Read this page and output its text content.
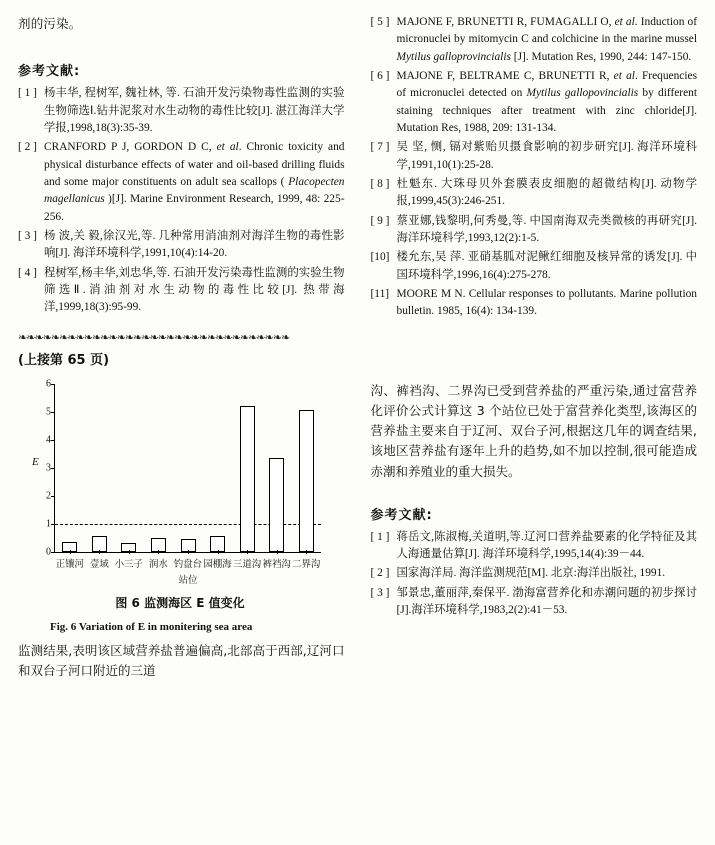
剂的污染。
参考文献:
[ 1 ] 杨丰华, 程树军, 魏社林, 等. 石油开发污染物毒性监测的实验生物筛选Ⅰ.钻井泥浆对水生动物的毒性比较[J]. 湛江海洋大学学报,1998,18(3):35-39.
[ 2 ] CRANFORD P J, GORDON D C, et al. Chronic toxicity and physical disturbance effects of water and oil-based drilling fluids and some major constituents on adult sea scallops ( Placopecten magellanicus )[J]. Marine Environment Research, 1999, 48: 225-256.
[ 3 ] 杨 波,关 毅,徐汉光,等. 几种常用消油剂对海洋生物的毒性影响[J]. 海洋环境科学,1991,10(4):14-20.
[ 4 ] 程树军,杨丰华,刘忠华,等. 石油开发污染毒性监测的实验生物筛选Ⅱ.消油剂对水生动物的毒性比较[J]. 热带海洋,1999,18(3):95-99.
❧❧❧❧❧❧❧❧❧❧❧❧❧❧❧❧❧❧❧❧❧❧❧❧❧❧❧❧❧❧❧❧❧
(上接第 65 页)
E
0
1
2
3
4
5
6
正镶河 壹域 小三子 润水 钓盘台 园棚海 三道沟 裤裆沟 二界沟
站位
图 6 监测海区 E 值变化
Fig. 6 Variation of E in monitering sea area
监测结果,表明该区域营养盐普遍偏高,北部高于西部,辽河口和双台子河口附近的三道
[ 5 ] MAJONE F, BRUNETTI R, FUMAGALLI O, et al. Induction of micronuclei by mitomycin C and colchicine in the marine mussel Mytilus galloprovincialis [J]. Mutation Res, 1990, 244: 147-150.
[ 6 ] MAJONE F, BELTRAME C, BRUNETTI R, et al. Frequencies of micronuclei detected on Mytilus gallopovincialis by different staining techniques after treatment with zinc chloride[J]. Mutation Res, 1988, 209: 131-134.
[ 7 ] 吴 坚, 恻, 镉对紫贻贝摄食影响的初步研究[J]. 海洋环境科学,1991,10(1):25-28.
[ 8 ] 杜魁东. 大珠母贝外套膜表皮细胞的超微结构[J]. 动物学报,1999,45(3):246-251.
[ 9 ] 蔡亚娜,钱黎明,何秀曼,等. 中国南海双壳类微核的再研究[J]. 海洋环境科学,1993,12(2):1-5.
[10] 楼允东,吴 萍. 亚硝基胍对泥鳅红细胞及核异常的诱发[J]. 中国环境科学,1996,16(4):275-278.
[11] MOORE M N. Cellular responses to pollutants. Marine pollution bulletin. 1985, 16(4): 134-139.
沟、裤裆沟、二界沟已受到营养盐的严重污染,通过富营养化评价公式计算这 3 个站位已处于富营养化类型,该海区的营养盐主要来自于辽河、双台子河,根据这几年的调查结果,该地区营养盐有逐年上升的趋势,如不加以控制,很可能造成赤潮和养殖业的重大损失。
参考文献:
[ 1 ] 蒋岳文,陈淑梅,关道明,等.辽河口营养盐要素的化学特征及其人海通量估算[J]. 海洋环境科学,1995,14(4):39－44.
[ 2 ] 国家海洋局. 海洋监测规范[M]. 北京:海洋出版社, 1991.
[ 3 ] 邹景忠,董丽萍,秦保平. 渤海富营养化和赤潮问题的初步探讨[J].海洋环境科学,1983,2(2):41－53.
